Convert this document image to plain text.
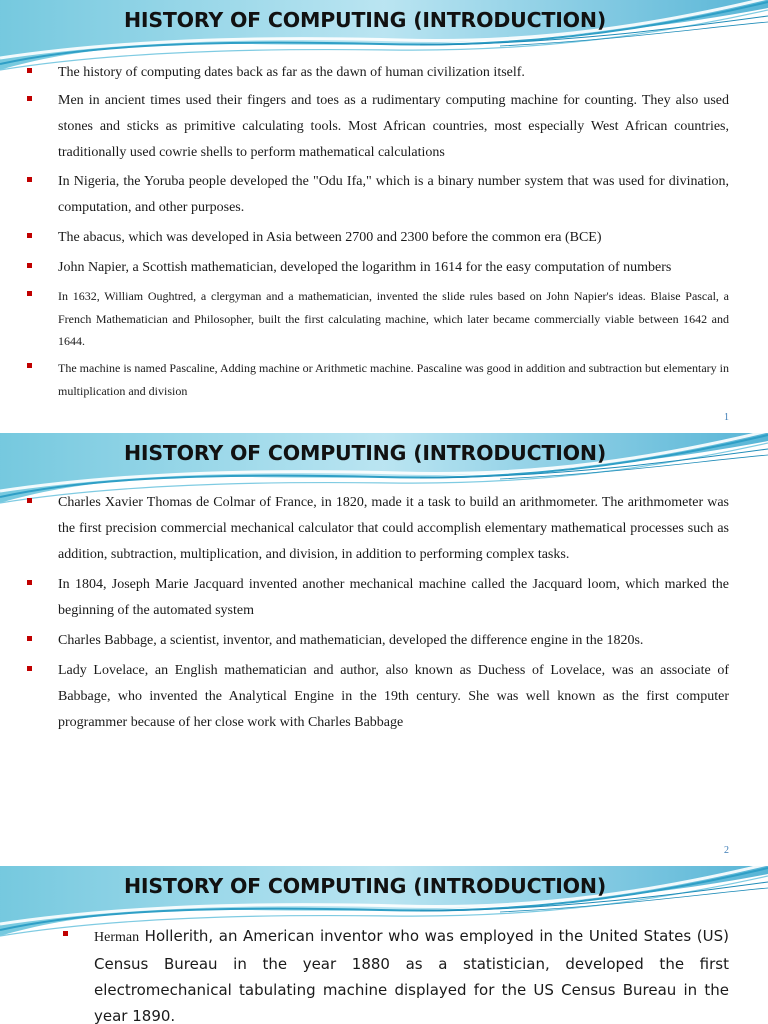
HISTORY OF COMPUTING (INTRODUCTION)
The history of computing dates back as far as the dawn of human civilization itself.
Men in ancient times used their fingers and toes as a rudimentary computing machine for counting. They also used stones and sticks as primitive calculating tools. Most African countries, most especially West African countries, traditionally used cowrie shells to perform mathematical calculations
In Nigeria, the Yoruba people developed the "Odu Ifa," which is a binary number system that was used for divination, computation, and other purposes.
The abacus, which was developed in Asia between 2700 and 2300 before the common era (BCE)
John Napier, a Scottish mathematician, developed the logarithm in 1614 for the easy computation of numbers
In 1632, William Oughtred, a clergyman and a mathematician, invented the slide rules based on John Napier's ideas. Blaise Pascal, a French Mathematician and Philosopher, built the first calculating machine, which later became commercially viable between 1642 and 1644.
The machine is named Pascaline, Adding machine or Arithmetic machine. Pascaline was good in addition and subtraction but elementary in multiplication and division
1
HISTORY OF COMPUTING (INTRODUCTION)
Charles Xavier Thomas de Colmar of France, in 1820, made it a task to build an arithmometer. The arithmometer was the first precision commercial mechanical calculator that could accomplish elementary mathematical processes such as addition, subtraction, multiplication, and division, in addition to performing complex tasks.
In 1804, Joseph Marie Jacquard invented another mechanical machine called the Jacquard loom, which marked the beginning of the automated system
Charles Babbage, a scientist, inventor, and mathematician, developed the difference engine in the 1820s.
Lady Lovelace, an English mathematician and author, also known as Duchess of Lovelace, was an associate of Babbage, who invented the Analytical Engine in the 19th century. She was well known as the first computer programmer because of her close work with Charles Babbage
2
HISTORY OF COMPUTING (INTRODUCTION)
Herman Hollerith, an American inventor who was employed in the United States (US) Census Bureau in the year 1880 as a statistician, developed the first electromechanical tabulating machine displayed for the US Census Bureau in the year 1890.
